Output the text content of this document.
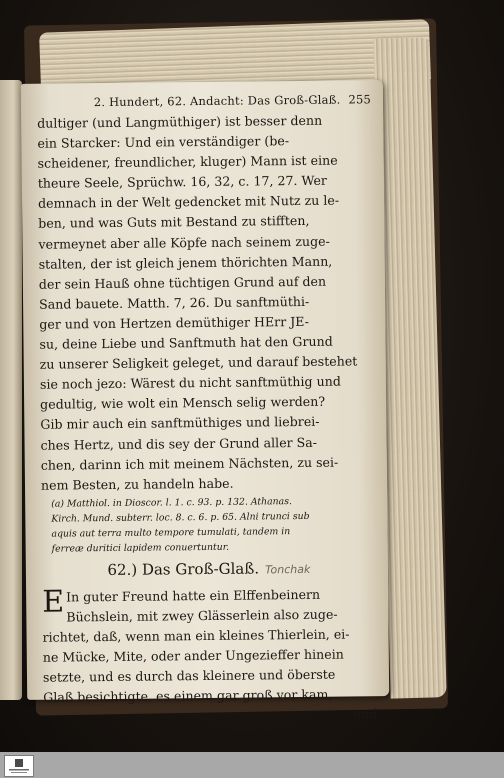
2. Hundert, 62. Andacht: Das Groß-Glaß. 255
dultiger (und Langmüthiger) ist besser denn
ein Starcker: Und ein verständiger (be-
scheidener, freundlicher, kluger) Mann ist eine
theure Seele, Sprüchw. 16, 32, c. 17, 27. Wer
demnach in der Welt gedencket mit Nutz zu le-
ben, und was Guts mit Bestand zu stifften,
vermeynet aber alle Köpfe nach seinem zuge-
stalten, der ist gleich jenem thörichten Mann,
der sein Hauß ohne tüchtigen Grund auf den
Sand bauete. Matth. 7, 26. Du sanftmüthi-
ger und von Hertzen demüthiger HErr JE-
su, deine Liebe und Sanftmuth hat den Grund
zu unserer Seligkeit geleget, und darauf bestehet
sie noch jezo: Wärest du nicht sanftmüthig und
gedultig, wie wolt ein Mensch selig werden?
Gib mir auch ein sanftmüthiges und liebrei-
ches Hertz, und dis sey der Grund aller Sa-
chen, darinn ich mit meinem Nächsten, zu sei-
nem Besten, zu handeln habe.
(a) Matthiol. in Dioscor. l. 1. c. 93. p. 132. Athanas.
Kirch. Mund. subterr. loc. 8. c. 6. p. 65. Alni trunci sub
aquis aut terra multo tempore tumulati, tandem in
ferreæ duritici lapidem conuertuntur.
62.) Das Groß-Glaß. Tonchak
E In guter Freund hatte ein Elffenbeinern
Büchslein, mit zwey Glässerlein also zuge-
richtet, daß, wenn man ein kleines Thierlein, ei-
ne Mücke, Mite, oder ander Ungezieffer hinein
setzte, und es durch das kleinere und öberste
Glaß besichtigte, es einem gar groß vor kam,
und
